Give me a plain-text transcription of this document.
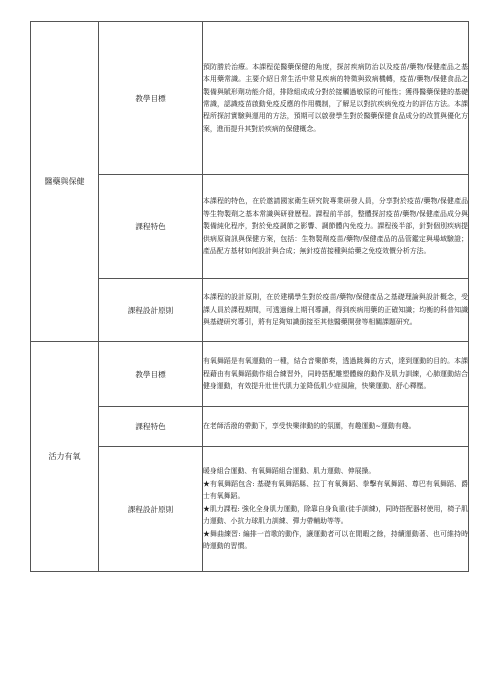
醫藥與保健	教學目標	預防勝於治療。本課程從醫藥保健的角度，探討疾病防治以及疫苗/藥物/保健產品之基本用藥常識。主要介紹日常生活中常見疾病的特徵與致病機轉，疫苗/藥物/保健食品之製備與賦形劑功能介紹，排除組成成分對於接觸過敏原的可能性；獲得醫藥保健的基礎常識，認識疫苗啟動免疫反應的作用機制，了解足以對抗疾病免疫力的評估方法。本課程所探討實驗與運用的方法，預期可以啟發學生對於醫藥保健食品成分的改質與優化方案，進而提升其對於疾病的保健概念。

	課程特色	本課程的特色，在於邀請國家衛生研究院專業研發人員，分享對於疫苗/藥物/保健產品等生物製劑之基本常識與研發歷程。課程前半部，整體探討疫苗/藥物/保健產品成分與製備純化程序，對於免疫調節之影響、調節體內免疫力。課程後半部，針對個別疾病提供病原資訊與保健方案，包括：生物製劑疫苗/藥物/保健產品的品管鑑定與場域驗證；產品配方基材如何設計與合成；無針疫苗接種與給藥之免疫效價分析方法。

	課程設計原則	本課程的設計原則，在於建構學生對於疫苗/藥物/保健產品之基礎理論與設計概念，受課人員於課程期間，可透過線上期刊導讀，得到疾病用藥的正確知識；均衡的科普知識與基礎研究導引，將有足夠知識銜接至其他醫藥開發等相關課題研究。

活力有氧	教學目標	有氧舞蹈是有氧運動的一種，結合音樂節奏，透過跳舞的方式，達到運動的目的。本課程藉由有氧舞蹈動作組合練習外，同時搭配雕塑體線的動作及肌力訓練，心肺運動結合健身運動，有效提升壯世代肌力並降低肌少症風險，快樂運動、舒心釋壓。

	課程特色	在老師活潑的帶動下，享受快樂律動的的氛圍，有趣運動~運動有趣。

	課程設計原則	暖身組合運動、有氧舞蹈組合運動、肌力運動、伸展操。
★有氧舞蹈包含: 基礎有氧舞蹈縣、拉丁有氧舞蹈、拳擊有氧舞蹈、尊巴有氧舞蹈、爵士有氧舞蹈。
★肌力課程: 強化全身肌力運動，除靠自身負重(徒手訓練)，同時搭配器材使用，椅子肌力運動、小抗力球肌力訓練、彈力帶輔助等等。
★舞曲練習: 編排一首歌的動作，讓運動者可以在閒暇之餘，持續運動著、也可維持時時運動的習慣。
